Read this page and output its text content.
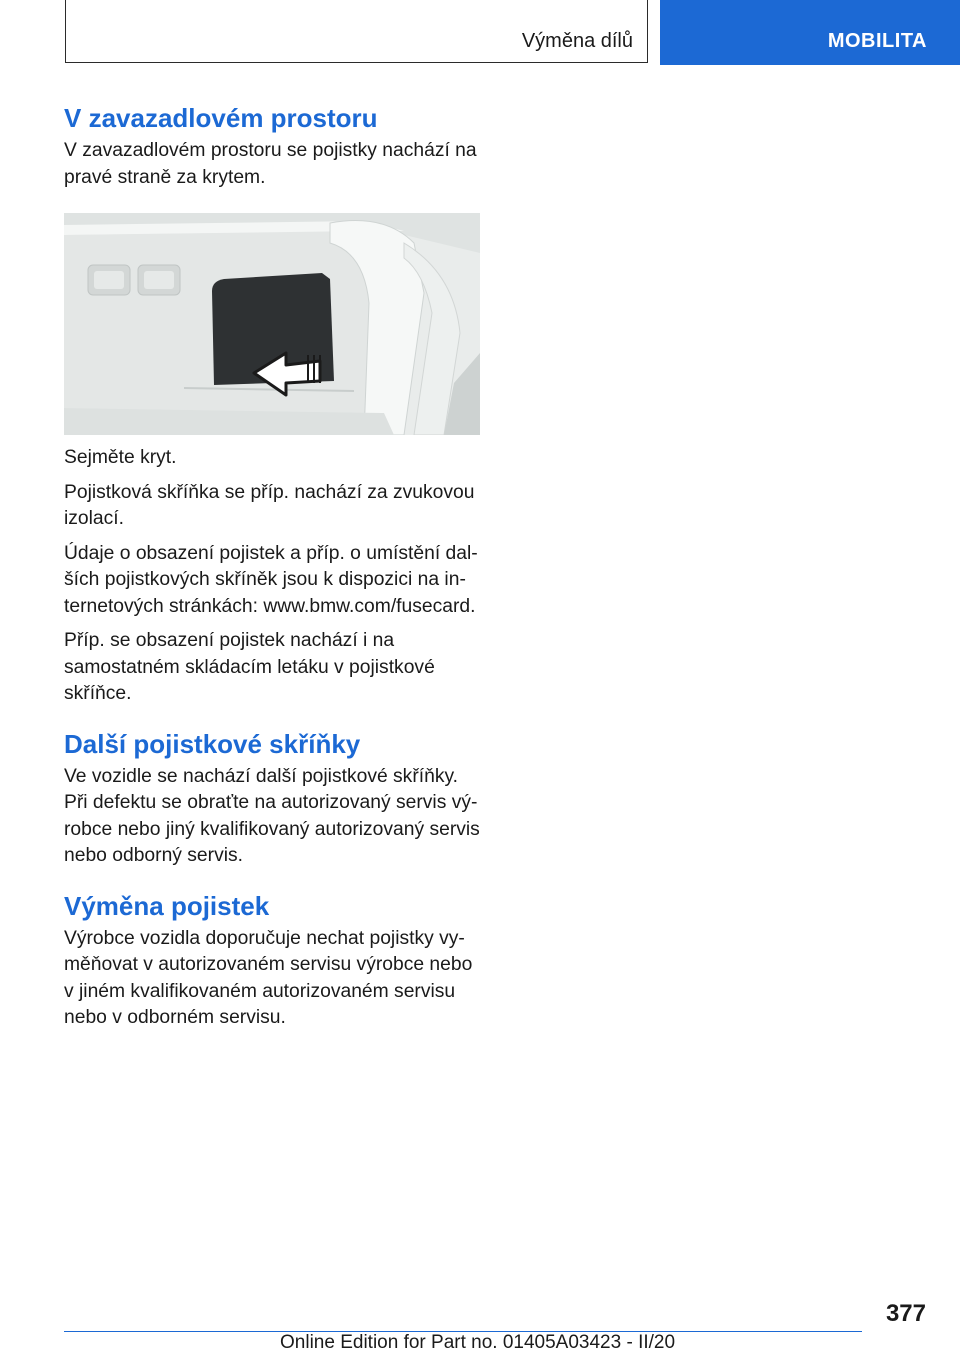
Výměna dílů	MOBILITA
V zavazadlovém prostoru

V zavazadlovém prostoru se pojistky nachází na pravé straně za krytem.

Sejměte kryt.

Pojistková skříňka se příp. nachází za zvukovou izolací.

Údaje o obsazení pojistek a příp. o umístění dalších pojistkových skříněk jsou k dispozici na internetových stránkách: www.bmw.com/fusecard.

Příp. se obsazení pojistek nachází i na samostatném skládacím letáku v pojistkové skříňce.

Další pojistkové skříňky

Ve vozidle se nachází další pojistkové skříňky. Při defektu se obraťte na autorizovaný servis výrobce nebo jiný kvalifikovaný autorizovaný servis nebo odborný servis.

Výměna pojistek

Výrobce vozidla doporučuje nechat pojistky vyměňovat v autorizovaném servisu výrobce nebo v jiném kvalifikovaném autorizovaném servisu nebo v odborném servisu.

377
Online Edition for Part no. 01405A03423 - II/20
